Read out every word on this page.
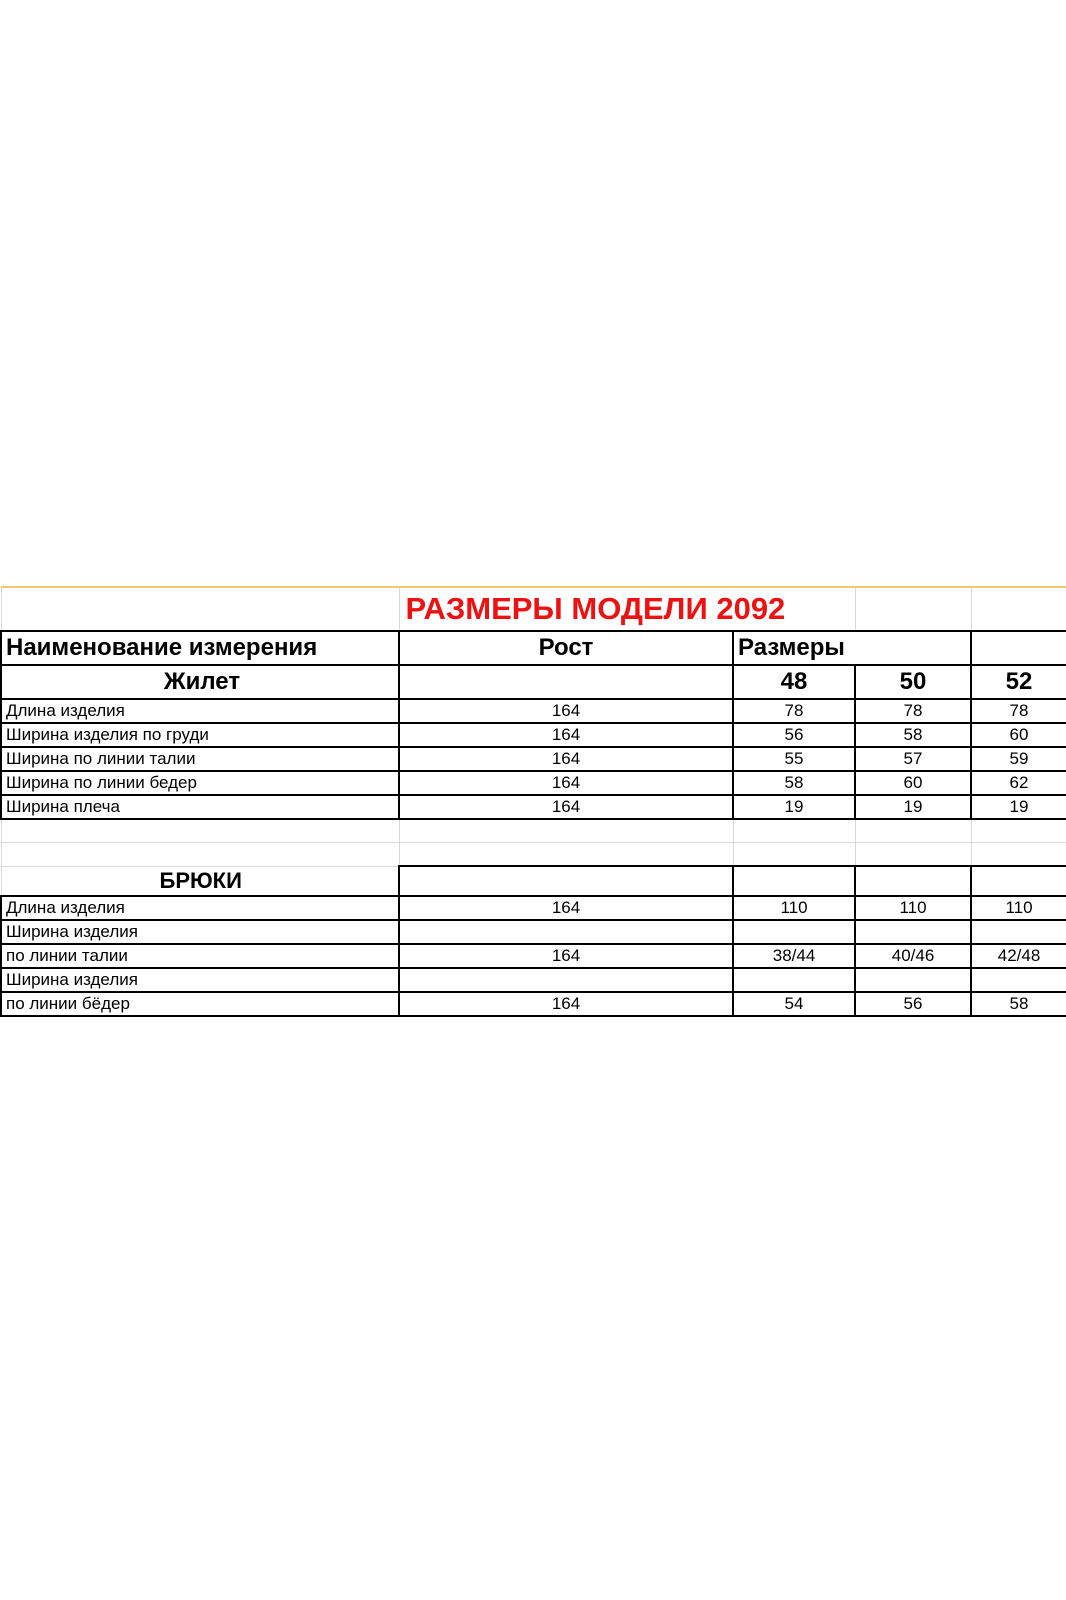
	РАЗМЕРЫ МОДЕЛИ 2092			
Наименование измерения	Рост	Размеры		
Жилет		48	50	52
Длина изделия	164	78	78	78
Ширина изделия по груди	164	56	58	60
Ширина по линии талии	164	55	57	59
Ширина по линии бедер	164	58	60	62
Ширина плеча	164	19	19	19

БРЮКИ				
Длина изделия	164	110	110	110
Ширина изделия				
по линии талии	164	38/44	40/46	42/48
Ширина изделия				
по линии бёдер	164	54	56	58
